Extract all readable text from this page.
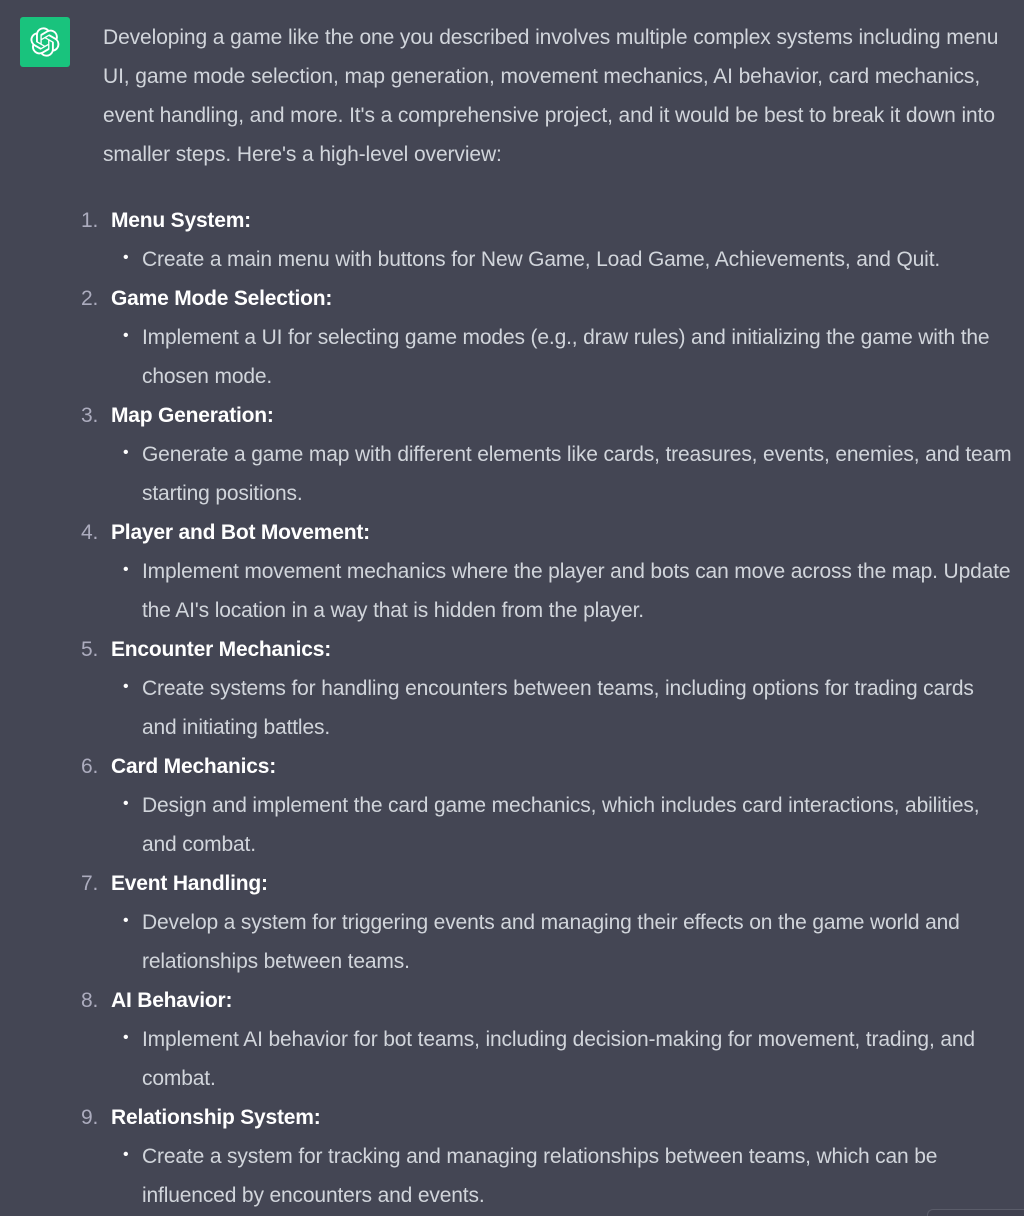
Developing a game like the one you described involves multiple complex systems including menu UI, game mode selection, map generation, movement mechanics, AI behavior, card mechanics, event handling, and more. It's a comprehensive project, and it would be best to break it down into smaller steps. Here's a high-level overview:

1. Menu System:
• Create a main menu with buttons for New Game, Load Game, Achievements, and Quit.
2. Game Mode Selection:
• Implement a UI for selecting game modes (e.g., draw rules) and initializing the game with the chosen mode.
3. Map Generation:
• Generate a game map with different elements like cards, treasures, events, enemies, and team starting positions.
4. Player and Bot Movement:
• Implement movement mechanics where the player and bots can move across the map. Update the AI's location in a way that is hidden from the player.
5. Encounter Mechanics:
• Create systems for handling encounters between teams, including options for trading cards and initiating battles.
6. Card Mechanics:
• Design and implement the card game mechanics, which includes card interactions, abilities, and combat.
7. Event Handling:
• Develop a system for triggering events and managing their effects on the game world and relationships between teams.
8. AI Behavior:
• Implement AI behavior for bot teams, including decision-making for movement, trading, and combat.
9. Relationship System:
• Create a system for tracking and managing relationships between teams, which can be influenced by encounters and events.
